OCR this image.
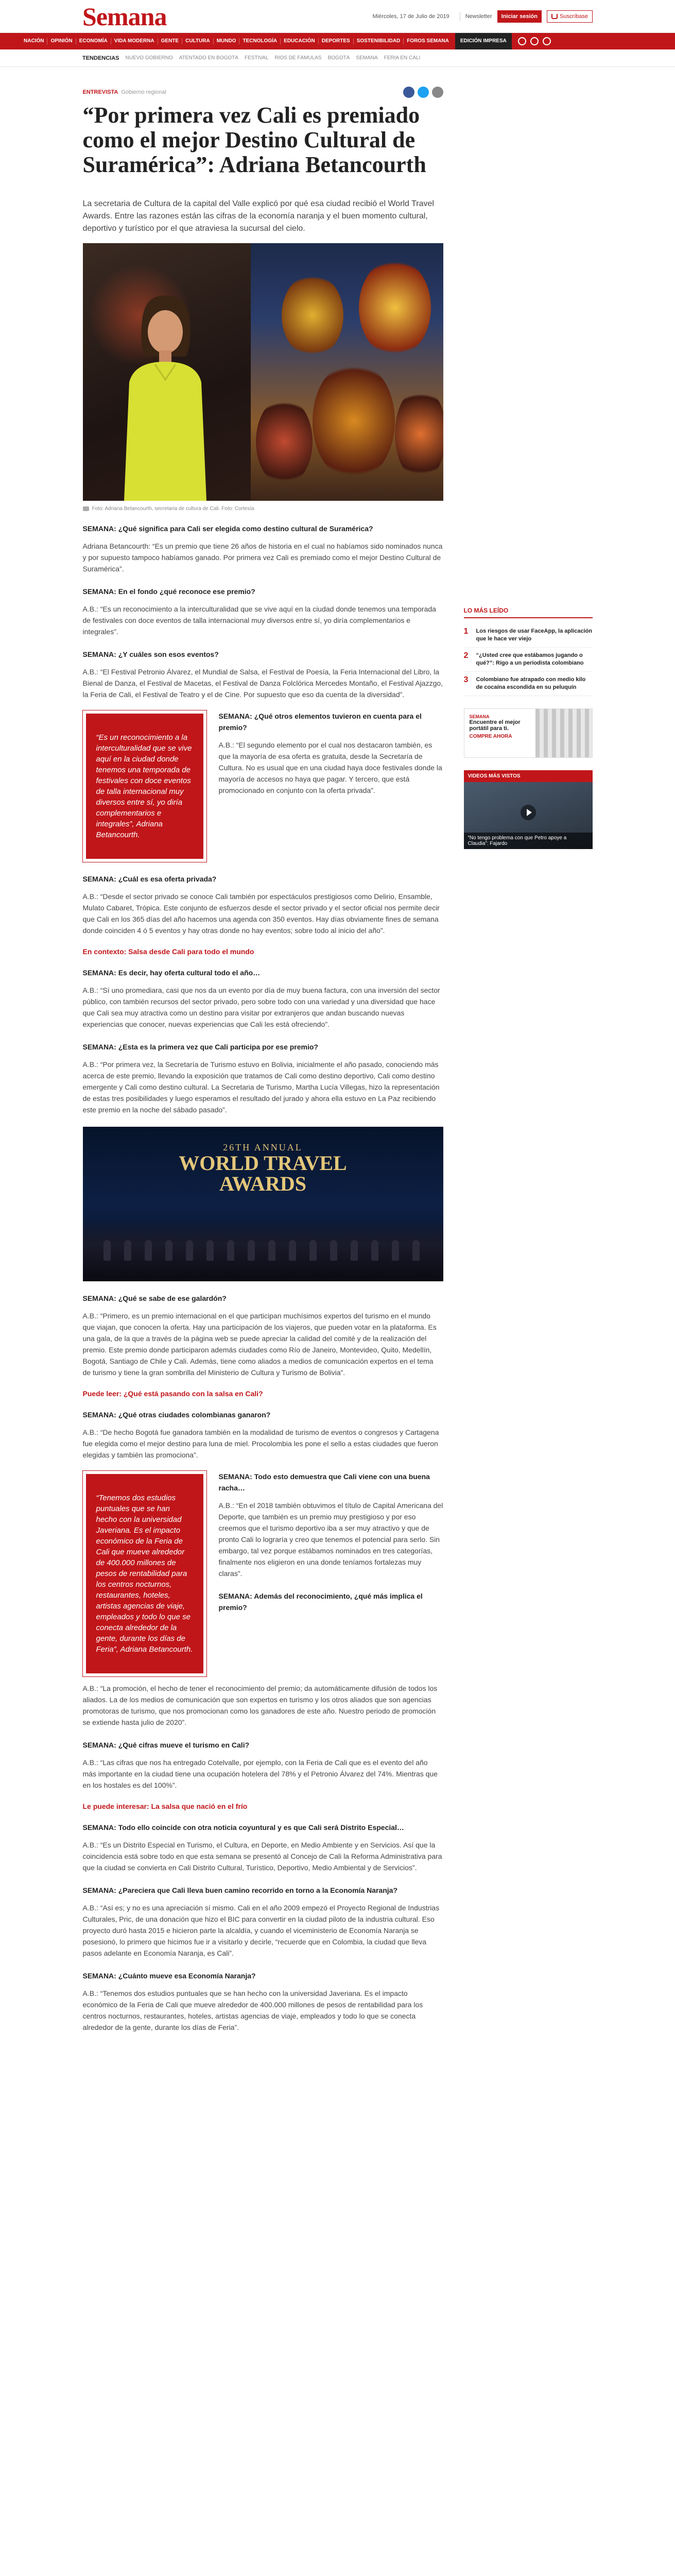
Semana	Miércoles, 17 de Julio de 2019	Newsletter	Iniciar sesión	Suscríbase
NACIÓN	OPINIÓN	ECONOMÍA	VIDA MODERNA	GENTE	CULTURA	MUNDO	TECNOLOGÍA	EDUCACIÓN	DEPORTES	SOSTENIBILIDAD	FOROS SEMANA	EDICIÓN IMPRESA
TENDENCIAS NUEVO GOBIERNO ATENTADO EN BOGOTÁ FESTIVAL RÍOS DE FÁMULAS BOGOTÁ SEMANA FERIA EN CALI
ENTREVISTA Gobierno regional
“Por primera vez Cali es premiado como el mejor Destino Cultural de Suramérica”: Adriana Betancourth

La secretaria de Cultura de la capital del Valle explicó por qué esa ciudad recibió el World Travel Awards. Entre las razones están las cifras de la economía naranja y el buen momento cultural, deportivo y turístico por el que atraviesa la sucursal del cielo.

Foto: Adriana Betancourth, secretaria de cultura de Cali. Foto: Cortesía

SEMANA: ¿Qué significa para Cali ser elegida como destino cultural de Suramérica?

Adriana Betancourth: “Es un premio que tiene 26 años de historia en el cual no habíamos sido nominados nunca y por supuesto tampoco habíamos ganado. Por primera vez Cali es premiado como el mejor Destino Cultural de Suramérica”.

SEMANA: En el fondo ¿qué reconoce ese premio?

A.B.: “Es un reconocimiento a la interculturalidad que se vive aquí en la ciudad donde tenemos una temporada de festivales con doce eventos de talla internacional muy diversos entre sí, yo diría complementarios e integrales”.

SEMANA: ¿Y cuáles son esos eventos?

A.B.: “El Festival Petronio Álvarez, el Mundial de Salsa, el Festival de Poesía, la Feria Internacional del Libro, la Bienal de Danza, el Festival de Macetas, el Festival de Danza Folclórica Mercedes Montaño, el Festival Ajazzgo, la Feria de Cali, el Festival de Teatro y el de Cine. Por supuesto que eso da cuenta de la diversidad”.

“Es un reconocimiento a la interculturalidad que se vive aquí en la ciudad donde tenemos una temporada de festivales con doce eventos de talla internacional muy diversos entre sí, yo diría complementarios e integrales”, Adriana Betancourth.

SEMANA: ¿Qué otros elementos tuvieron en cuenta para el premio?

A.B.: “El segundo elemento por el cual nos destacaron también, es que la mayoría de esa oferta es gratuita, desde la Secretaría de Cultura. No es usual que en una ciudad haya doce festivales donde la mayoría de accesos no haya que pagar. Y tercero, que está promocionado en conjunto con la oferta privada”.

SEMANA: ¿Cuál es esa oferta privada?

A.B.: “Desde el sector privado se conoce Cali también por espectáculos prestigiosos como Delirio, Ensamble, Mulato Cabaret, Trópica. Este conjunto de esfuerzos desde el sector privado y el sector oficial nos permite decir que Cali en los 365 días del año hacemos una agenda con 350 eventos. Hay días obviamente fines de semana donde coinciden 4 ó 5 eventos y hay otras donde no hay eventos; sobre todo al inicio del año”.

En contexto: Salsa desde Cali para todo el mundo

SEMANA: Es decir, hay oferta cultural todo el año…

A.B.: “Sí uno promediara, casi que nos da un evento por día de muy buena factura, con una inversión del sector público, con también recursos del sector privado, pero sobre todo con una variedad y una diversidad que hace que Cali sea muy atractiva como un destino para visitar por extranjeros que andan buscando nuevas experiencias que conocer, nuevas experiencias que Cali les está ofreciendo”.

SEMANA: ¿Esta es la primera vez que Cali participa por ese premio?

A.B.: “Por primera vez, la Secretaría de Turismo estuvo en Bolivia, inicialmente el año pasado, conociendo más acerca de este premio, llevando la exposición que tratamos de Cali como destino deportivo, Cali como destino emergente y Cali como destino cultural. La Secretaria de Turismo, Martha Lucía Villegas, hizo la representación de estas tres posibilidades y luego esperamos el resultado del jurado y ahora ella estuvo en La Paz recibiendo este premio en la noche del sábado pasado”.

26TH ANNUAL
WORLD TRAVEL AWARDS

SEMANA: ¿Qué se sabe de ese galardón?

A.B.: “Primero, es un premio internacional en el que participan muchísimos expertos del turismo en el mundo que viajan, que conocen la oferta. Hay una participación de los viajeros, que pueden votar en la plataforma. Es una gala, de la que a través de la página web se puede apreciar la calidad del comité y de la realización del premio. Este premio donde participaron además ciudades como Río de Janeiro, Montevideo, Quito, Medellín, Bogotá, Santiago de Chile y Cali. Además, tiene como aliados a medios de comunicación expertos en el tema de turismo y tiene la gran sombrilla del Ministerio de Cultura y Turismo de Bolivia”.

Puede leer: ¿Qué está pasando con la salsa en Cali?

SEMANA: ¿Qué otras ciudades colombianas ganaron?

A.B.: “De hecho Bogotá fue ganadora también en la modalidad de turismo de eventos o congresos y Cartagena fue elegida como el mejor destino para luna de miel. Procolombia les pone el sello a estas ciudades que fueron elegidas y también las promociona”.

“Tenemos dos estudios puntuales que se han hecho con la universidad Javeriana. Es el impacto económico de la Feria de Cali que mueve alrededor de 400.000 millones de pesos de rentabilidad para los centros nocturnos, restaurantes, hoteles, artistas agencias de viaje, empleados y todo lo que se conecta alrededor de la gente, durante los días de Feria”, Adriana Betancourth.

SEMANA: Todo esto demuestra que Cali viene con una buena racha…

A.B.: “En el 2018 también obtuvimos el título de Capital Americana del Deporte, que también es un premio muy prestigioso y por eso creemos que el turismo deportivo iba a ser muy atractivo y que de pronto Cali lo lograría y creo que tenemos el potencial para serlo. Sin embargo, tal vez porque estábamos nominados en tres categorías, finalmente nos eligieron en una donde teníamos fortalezas muy claras”.

SEMANA: Además del reconocimiento, ¿qué más implica el premio?

A.B.: “La promoción, el hecho de tener el reconocimiento del premio; da automáticamente difusión de todos los aliados. La de los medios de comunicación que son expertos en turismo y los otros aliados que son agencias promotoras de turismo, que nos promocionan como los ganadores de este año. Nuestro periodo de promoción se extiende hasta julio de 2020”.

SEMANA: ¿Qué cifras mueve el turismo en Cali?

A.B.: “Las cifras que nos ha entregado Cotelvalle, por ejemplo, con la Feria de Cali que es el evento del año más importante en la ciudad tiene una ocupación hotelera del 78% y el Petronio Álvarez del 74%. Mientras que en los hostales es del 100%”.

Le puede interesar: La salsa que nació en el frío

SEMANA: Todo ello coincide con otra noticia coyuntural y es que Cali será Distrito Especial…

A.B.: “Es un Distrito Especial en Turismo, el Cultura, en Deporte, en Medio Ambiente y en Servicios. Así que la coincidencia está sobre todo en que esta semana se presentó al Concejo de Cali la Reforma Administrativa para que la ciudad se convierta en Cali Distrito Cultural, Turístico, Deportivo, Medio Ambiental y de Servicios”.

SEMANA: ¿Pareciera que Cali lleva buen camino recorrido en torno a la Economía Naranja?

A.B.: “Así es; y no es una apreciación sí mismo. Cali en el año 2009 empezó el Proyecto Regional de Industrias Culturales, Pric, de una donación que hizo el BIC para convertir en la ciudad piloto de la industria cultural. Eso proyecto duró hasta 2015 e hicieron parte la alcaldía, y cuando el viceministerio de Economía Naranja se posesionó, lo primero que hicimos fue ir a visitarlo y decirle, “recuerde que en Colombia, la ciudad que lleva pasos adelante en Economía Naranja, es Cali”.

SEMANA: ¿Cuánto mueve esa Economía Naranja?

A.B.: “Tenemos dos estudios puntuales que se han hecho con la universidad Javeriana. Es el impacto económico de la Feria de Cali que mueve alrededor de 400.000 millones de pesos de rentabilidad para los centros nocturnos, restaurantes, hoteles, artistas agencias de viaje, empleados y todo lo que se conecta alrededor de la gente, durante los días de Feria”.

LO MÁS LEÍDO
1	Los riesgos de usar FaceApp, la aplicación que le hace ver viejo
2	“¿Usted cree que estábamos jugando o qué?”: Rigo a un periodista colombiano
3	Colombiano fue atrapado con medio kilo de cocaína escondida en su peluquín
SEMANA
Encuentre el mejor portátil para ti.
COMPRE AHORA
VIDEOS MÁS VISTOS
“No tengo problema con que Petro apoye a Claudia”: Fajardo
